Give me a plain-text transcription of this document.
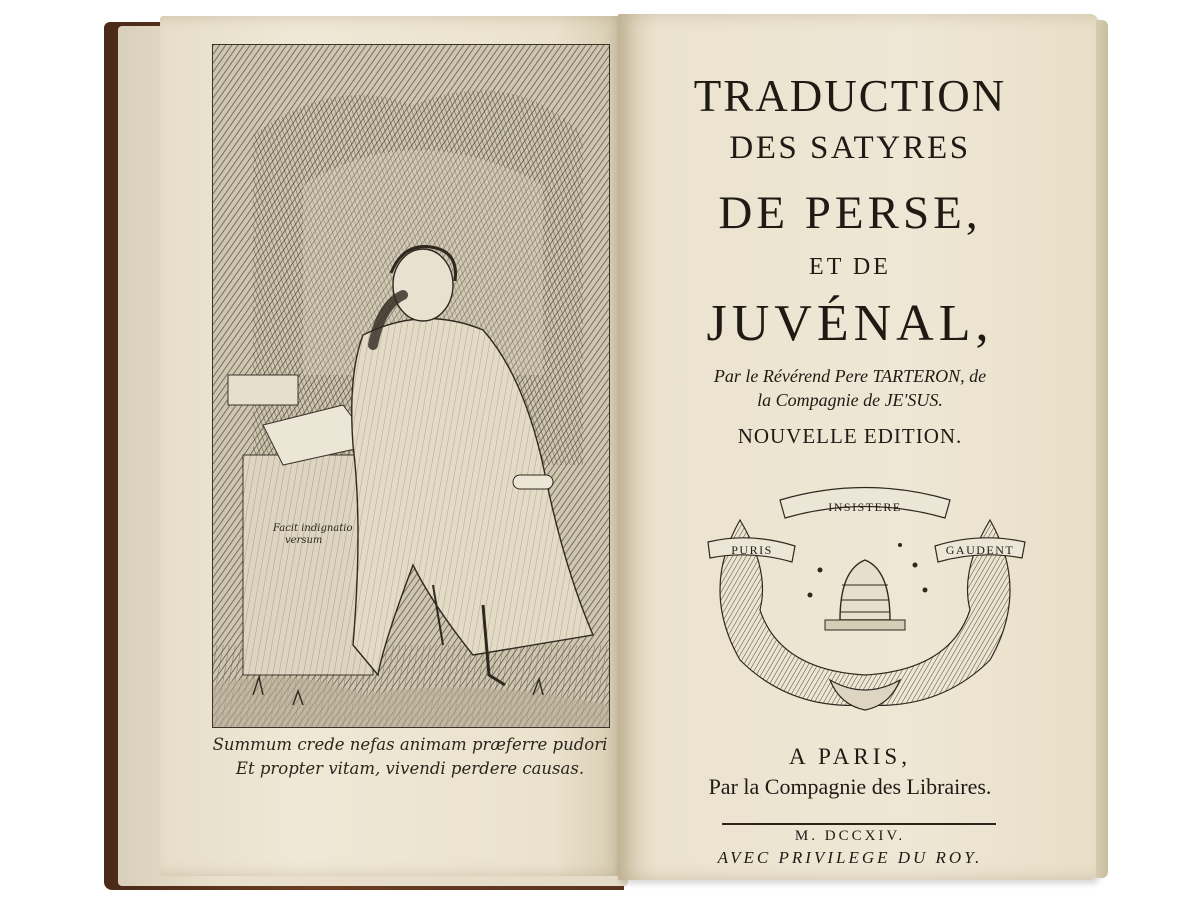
Facit indignatio
versum
Summum crede nefas animam præferre pudori
Et propter vitam, vivendi perdere causas.
TRADUCTION
DES SATYRES
DE PERSE,
ET DE
JUVÉNAL,
Par le Révérend Pere TARTERON, de
la Compagnie de JE'SUS.
NOUVELLE EDITION.
INSISTERE
PURIS	GAUDENT
A PARIS,
Par la Compagnie des Libraires.
M. DCCXIV.
AVEC PRIVILEGE DU ROY.
